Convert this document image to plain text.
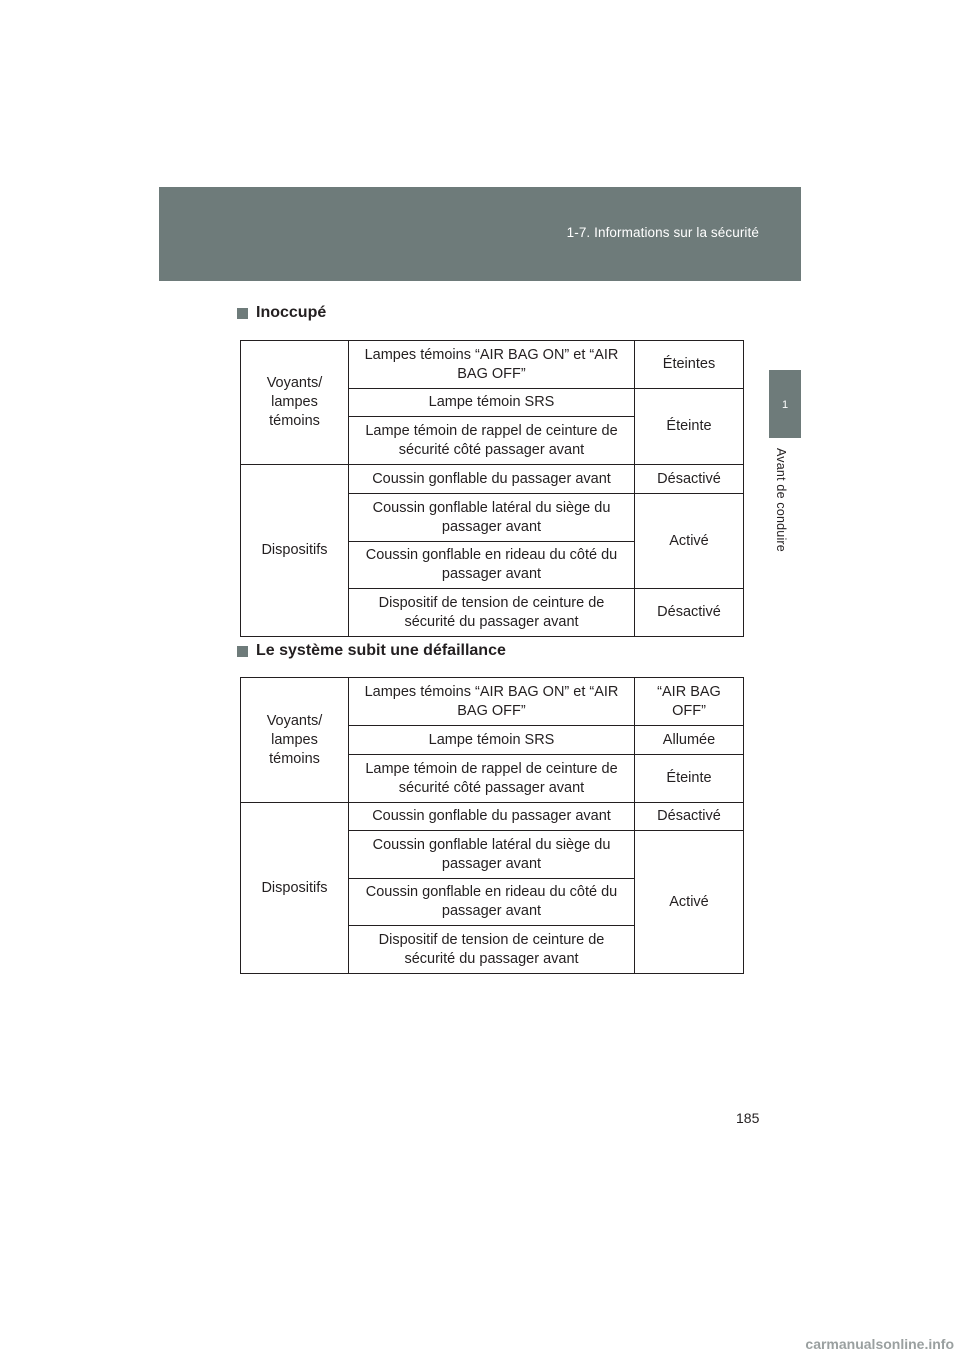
1-7. Informations sur la sécurité
1
Avant de conduire
Inoccupé
Voyants/ lampes témoins	Lampes témoins “AIR BAG ON” et “AIR BAG OFF”	Éteintes
	Lampe témoin SRS	Éteinte
	Lampe témoin de rappel de ceinture de sécurité côté passager avant	
Dispositifs	Coussin gonflable du passager avant	Désactivé
	Coussin gonflable latéral du siège du passager avant	Activé
	Coussin gonflable en rideau du côté du passager avant	
	Dispositif de tension de ceinture de sécurité du passager avant	Désactivé
Le système subit une défaillance
Voyants/ lampes témoins	Lampes témoins “AIR BAG ON” et “AIR BAG OFF”	“AIR BAG OFF”
	Lampe témoin SRS	Allumée
	Lampe témoin de rappel de ceinture de sécurité côté passager avant	Éteinte
Dispositifs	Coussin gonflable du passager avant	Désactivé
	Coussin gonflable latéral du siège du passager avant	Activé
	Coussin gonflable en rideau du côté du passager avant	
	Dispositif de tension de ceinture de sécurité du passager avant	
185
carmanualsonline.info
